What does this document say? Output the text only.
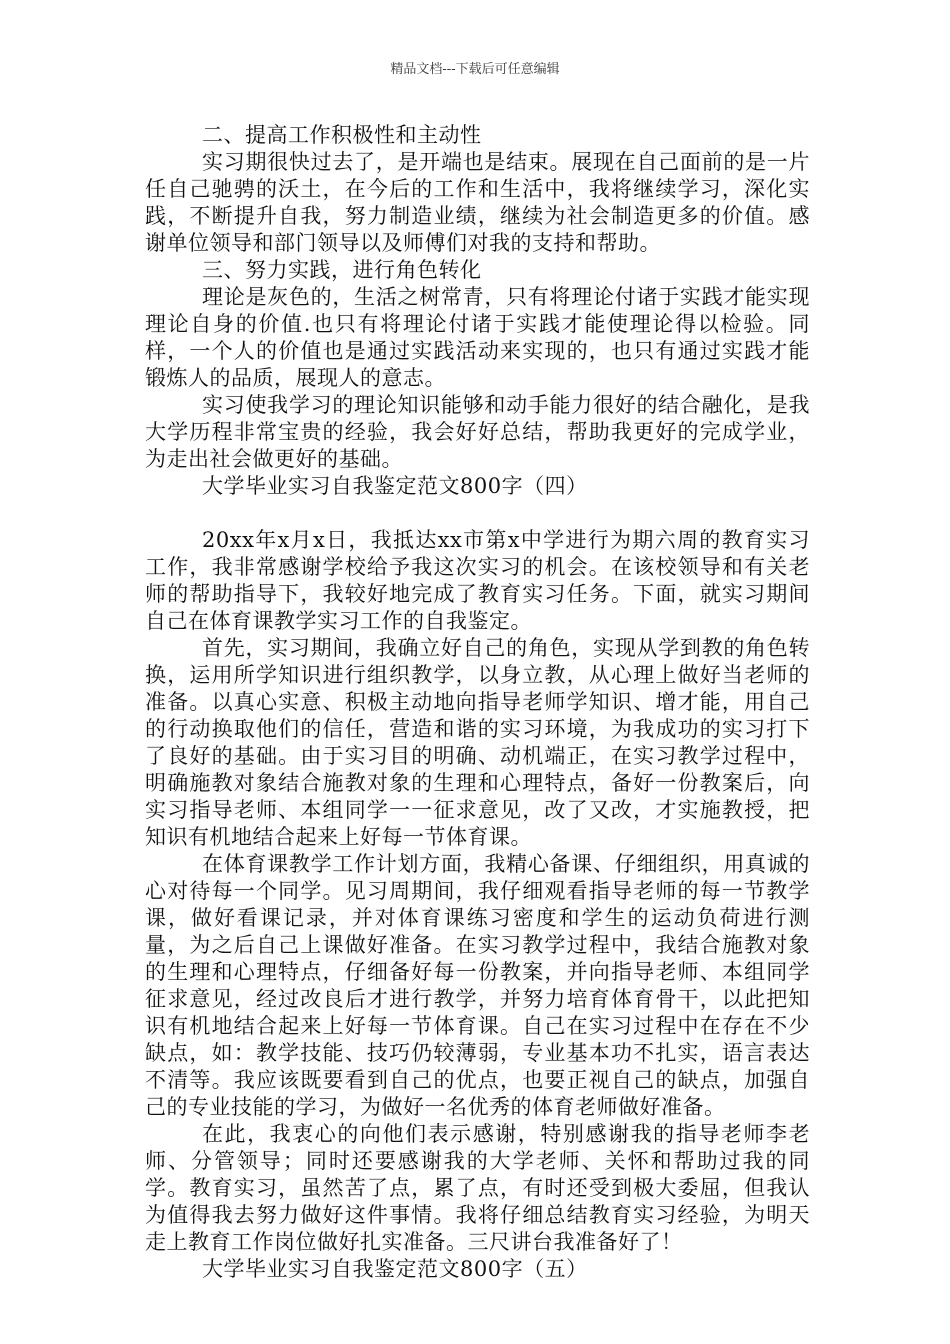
精品文档---下载后可任意编辑

二、提高工作积极性和主动性

实习期很快过去了，是开端也是结束。展现在自己面前的是一片任自己驰骋的沃土，在今后的工作和生活中，我将继续学习，深化实践，不断提升自我，努力制造业绩，继续为社会制造更多的价值。感谢单位领导和部门领导以及师傅们对我的支持和帮助。

三、努力实践，进行角色转化

理论是灰色的，生活之树常青，只有将理论付诸于实践才能实现理论自身的价值.也只有将理论付诸于实践才能使理论得以检验。同样，一个人的价值也是通过实践活动来实现的，也只有通过实践才能锻炼人的品质，展现人的意志。

实习使我学习的理论知识能够和动手能力很好的结合融化，是我大学历程非常宝贵的经验，我会好好总结，帮助我更好的完成学业，为走出社会做更好的基础。

大学毕业实习自我鉴定范文800字（四）

20xx年x月x日，我抵达xx市第x中学进行为期六周的教育实习工作，我非常感谢学校给予我这次实习的机会。在该校领导和有关老师的帮助指导下，我较好地完成了教育实习任务。下面，就实习期间自己在体育课教学实习工作的自我鉴定。

首先，实习期间，我确立好自己的角色，实现从学到教的角色转换，运用所学知识进行组织教学，以身立教，从心理上做好当老师的准备。以真心实意、积极主动地向指导老师学知识、增才能，用自己的行动换取他们的信任，营造和谐的实习环境，为我成功的实习打下了良好的基础。由于实习目的明确、动机端正，在实习教学过程中，明确施教对象结合施教对象的生理和心理特点，备好一份教案后，向实习指导老师、本组同学一一征求意见，改了又改，才实施教授，把知识有机地结合起来上好每一节体育课。

在体育课教学工作计划方面，我精心备课、仔细组织，用真诚的心对待每一个同学。见习周期间，我仔细观看指导老师的每一节教学课，做好看课记录，并对体育课练习密度和学生的运动负荷进行测量，为之后自己上课做好准备。在实习教学过程中，我结合施教对象的生理和心理特点，仔细备好每一份教案，并向指导老师、本组同学征求意见，经过改良后才进行教学，并努力培育体育骨干，以此把知识有机地结合起来上好每一节体育课。自己在实习过程中在存在不少缺点，如：教学技能、技巧仍较薄弱，专业基本功不扎实，语言表达不清等。我应该既要看到自己的优点，也要正视自己的缺点，加强自己的专业技能的学习，为做好一名优秀的体育老师做好准备。

在此，我衷心的向他们表示感谢，特别感谢我的指导老师李老师、分管领导；同时还要感谢我的大学老师、关怀和帮助过我的同学。教育实习，虽然苦了点，累了点，有时还受到极大委屈，但我认为值得我去努力做好这件事情。我将仔细总结教育实习经验，为明天走上教育工作岗位做好扎实准备。三尺讲台我准备好了！

大学毕业实习自我鉴定范文800字（五）
